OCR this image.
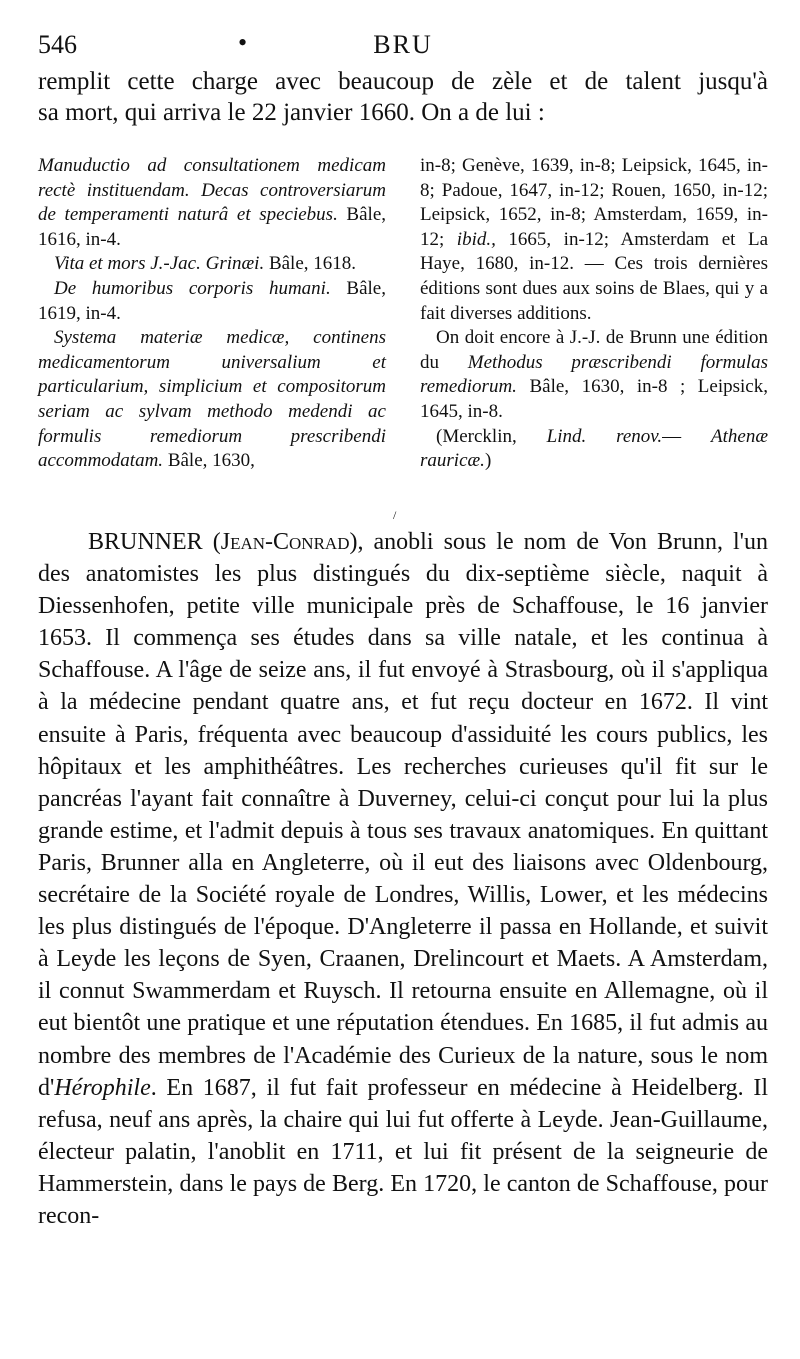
546	•	BRU

remplit cette charge avec beaucoup de zèle et de talent jusqu'à
sa mort, qui arriva le 22 janvier 1660. On a de lui :

Manuductio ad consultationem medicam rectè instituendam. Decas controversiarum de temperamenti naturâ et speciebus. Bâle, 1616, in-4.

Vita et mors J.-Jac. Grinæi. Bâle, 1618.

De humoribus corporis humani. Bâle, 1619, in-4.

Systema materiæ medicæ, continens medicamentorum universalium et particularium, simplicium et compositorum seriam ac sylvam methodo medendi ac formulis remediorum prescribendi accommodatam. Bâle, 1630,

in-8; Genève, 1639, in-8; Leipsick, 1645, in-8; Padoue, 1647, in-12; Rouen, 1650, in-12; Leipsick, 1652, in-8; Amsterdam, 1659, in-12; ibid., 1665, in-12; Amsterdam et La Haye, 1680, in-12. — Ces trois dernières éditions sont dues aux soins de Blaes, qui y a fait diverses additions.

On doit encore à J.-J. de Brunn une édition du Methodus præscribendi formulas remediorum. Bâle, 1630, in-8 ; Leipsick, 1645, in-8.

(Mercklin, Lind. renov.— Athenæ rauricæ.)

/

BRUNNER (Jean-Conrad), anobli sous le nom de Von Brunn, l'un des anatomistes les plus distingués du dix-septième siècle, naquit à Diessenhofen, petite ville municipale près de Schaffouse, le 16 janvier 1653. Il commença ses études dans sa ville natale, et les continua à Schaffouse. A l'âge de seize ans, il fut envoyé à Strasbourg, où il s'appliqua à la médecine pendant quatre ans, et fut reçu docteur en 1672. Il vint ensuite à Paris, fréquenta avec beaucoup d'assiduité les cours publics, les hôpitaux et les amphithéâtres. Les recherches curieuses qu'il fit sur le pancréas l'ayant fait connaître à Duverney, celui-ci conçut pour lui la plus grande estime, et l'admit depuis à tous ses travaux anatomiques. En quittant Paris, Brunner alla en Angleterre, où il eut des liaisons avec Oldenbourg, secrétaire de la Société royale de Londres, Willis, Lower, et les médecins les plus distingués de l'époque. D'Angleterre il passa en Hollande, et suivit à Leyde les leçons de Syen, Craanen, Drelincourt et Maets. A Amsterdam, il connut Swammerdam et Ruysch. Il retourna ensuite en Allemagne, où il eut bientôt une pratique et une réputation étendues. En 1685, il fut admis au nombre des membres de l'Académie des Curieux de la nature, sous le nom d'Hérophile. En 1687, il fut fait professeur en médecine à Heidelberg. Il refusa, neuf ans après, la chaire qui lui fut offerte à Leyde. Jean-Guillaume, électeur palatin, l'anoblit en 1711, et lui fit présent de la seigneurie de Hammerstein, dans le pays de Berg. En 1720, le canton de Schaffouse, pour recon-
